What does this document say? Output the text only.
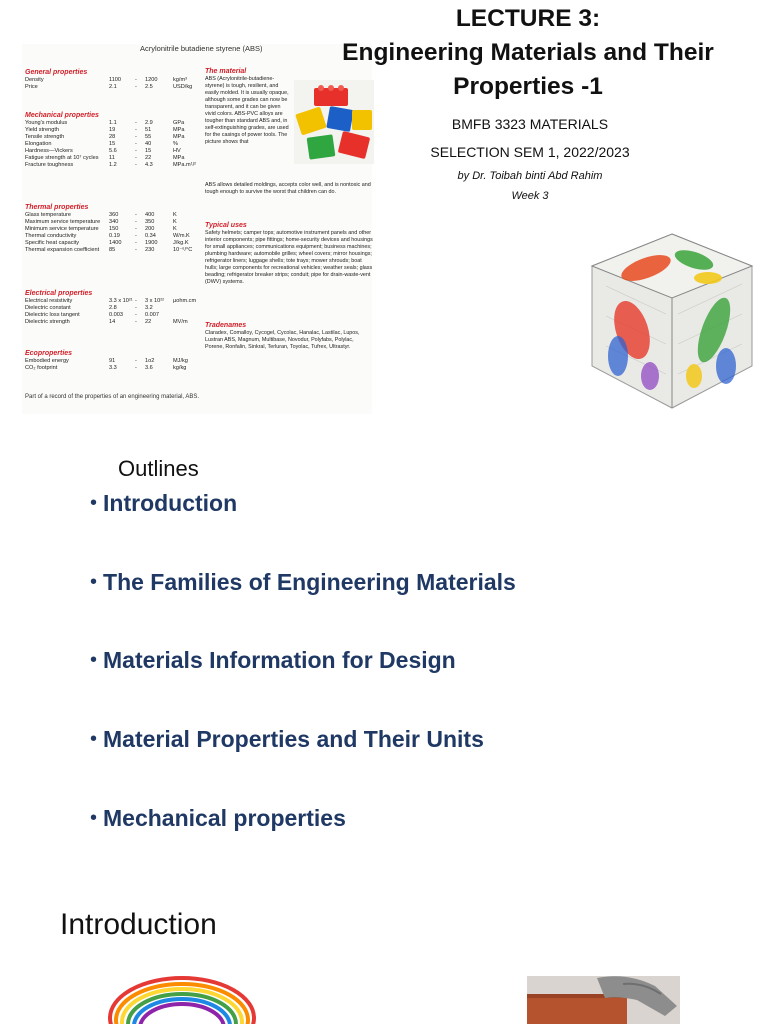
Acrylonitrile butadiene styrene (ABS)
General properties
Density	1100	-	1200	kg/m³
Price	2.1	-	2.5	USD/kg
Mechanical properties
Young's modulus	1.1	-	2.9	GPa
Yield strength	19	-	51	MPa
Tensile strength	28	-	55	MPa
Elongation	15	-	40	%
Hardness—Vickers	5.6	-	15	HV
Fatigue strength at 10⁷ cycles	11	-	22	MPa
Fracture toughness	1.2	-	4.3	MPa.m¹/²
Thermal properties
Glass temperature	360	-	400	K
Maximum service temperature	340	-	350	K
Minimum service temperature	150	-	200	K
Thermal conductivity	0.19	-	0.34	W/m.K
Specific heat capacity	1400	-	1900	J/kg.K
Thermal expansion coefficient	85	-	230	10⁻⁶/°C
Electrical properties
Electrical resistivity	3.3 x 10²¹ -	3 x 10²²	µohm.cm
Dielectric constant	2.8	-	3.2
Dielectric loss tangent	0.003	-	0.007
Dielectric strength	14	-	22	MV/m
Ecoproperties
Embodied energy	91	-	1o2	MJ/kg
CO₂ footprint	3.3	-	3.6	kg/kg
The material

ABS (Acrylonitrile-butadiene-styrene) is tough, resilient, and easily molded. It is usually opaque, although some grades can now be transparent, and it can be given vivid colors. ABS-PVC alloys are tougher than standard ABS and, in self-extinguishing grades, are used for the casings of power tools. The picture shows that

ABS allows detailed moldings, accepts color well, and is nontoxic and tough enough to survive the worst that children can do.
Typical uses

Safety helmets; camper tops; automotive instrument panels and other interior components; pipe fittings; home-security devices and housings for small appliances; communications equipment; business machines; plumbing hardware; automobile grilles; wheel covers; mirror housings; refrigerator liners; luggage shells; tote trays; mower shrouds; boat hulls; large components for recreational vehicles; weather seals; glass beading; refrigerator breaker strips; conduit; pipe for drain-waste-vent (DWV) systems.

Tradenames

Claradex, Comalloy, Cycogel, Cycolac, Hanalac, Lastilac, Lupos, Lustran ABS, Magnum, Multibase, Novodur, Polyfabs, Polylac, Porene, Ronfalin, Sinkral, Terluran, Toyolac, Tufrex, Ultrastyr.

Part of a record of the properties of an engineering material, ABS.
LECTURE 3:
Engineering Materials and Their
Properties -1
BMFB 3323 MATERIALS
SELECTION SEM 1, 2022/2023
by Dr. Toibah binti Abd Rahim
Week 3
Outlines
• Introduction
• The Families of Engineering Materials
• Materials Information for Design
• Material Properties and Their Units
• Mechanical properties
Introduction
